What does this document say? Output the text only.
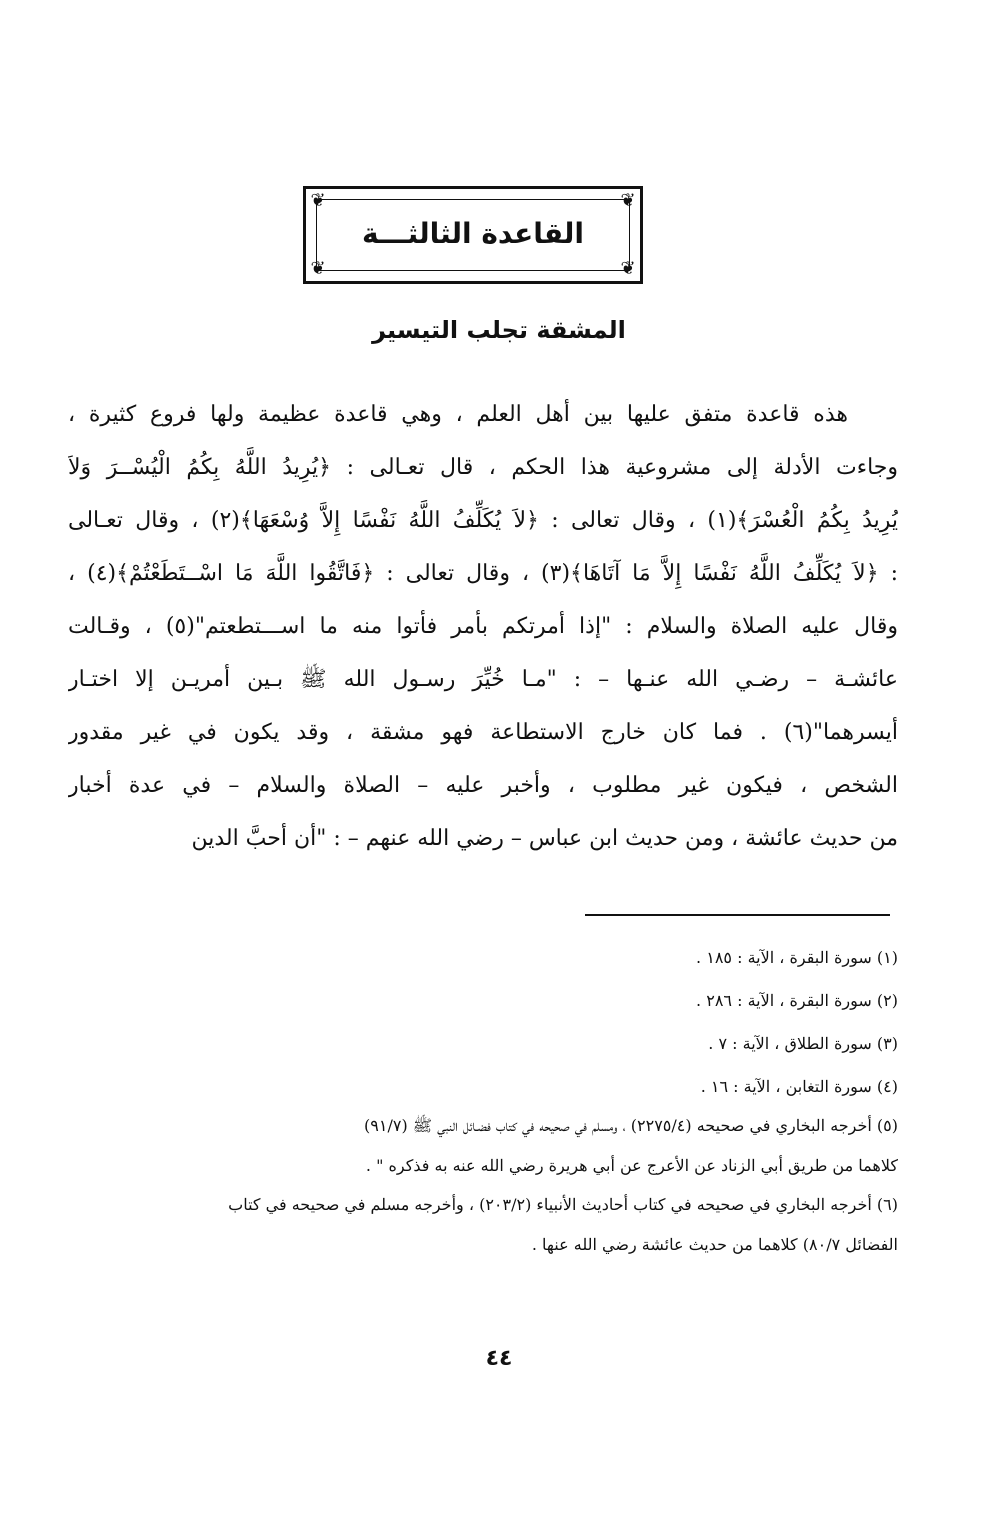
❦	❦
❦	❦
القاعدة الثالثـــة
المشقة تجلب التيسير
هذه قاعدة متفق عليها بين أهل العلم ، وهي قاعدة عظيمة ولها فروع كثيرة ،
وجاءت الأدلة إلى مشروعية هذا الحكم ، قال تعـالى : ﴿يُرِيدُ اللَّهُ بِكُمُ الْيُسْــرَ وَلاَ
يُرِيدُ بِكُمُ الْعُسْرَ﴾(١) ، وقال تعالى : ﴿لاَ يُكَلِّفُ اللَّهُ نَفْسًا إِلاَّ وُسْعَهَا﴾(٢) ، وقال تعـالى
: ﴿لاَ يُكَلِّفُ اللَّهُ نَفْسًا إِلاَّ مَا آتَاهَا﴾(٣) ، وقال تعالى : ﴿فَاتَّقُوا اللَّهَ مَا اسْــتَطَعْتُمْ﴾(٤) ،
وقال عليه الصلاة والسلام : "إذا أمرتكم بأمر فأتوا منه ما اســـتطعتم"(٥) ، وقـالت
عائشـة – رضـي الله عنـها – : "مـا خُيِّرَ رسـول الله ﷺ بـين أمريـن إلا اختـار
أيسرهما"(٦) . فما كان خارج الاستطاعة فهو مشقة ، وقد يكون في غير مقدور
الشخص ، فيكون غير مطلوب ، وأخبر عليه – الصلاة والسلام – في عدة أخبار
من حديث عائشة ، ومن حديث ابن عباس – رضي الله عنهم – : "أن أحبَّ الدين
(١) سورة البقرة ، الآية : ١٨٥ .
(٢) سورة البقرة ، الآية : ٢٨٦ .
(٣) سورة الطلاق ، الآية : ٧ .
(٤) سورة التغابن ، الآية : ١٦ .
(٥) أخرجه البخاري في صحيحه (٢٢٧٥/٤) ، ومسلم في صحيحه في كتاب فضـائل النبي ﷺ (٩١/٧)
كلاهما من طريق أبي الزناد عن الأعرج عن أبي هريرة رضي الله عنه به فذكره " .
(٦) أخرجه البخاري في صحيحه في كتاب أحاديث الأنبياء (٢٠٣/٢) ، وأخرجه مسلم في صحيحه في كتاب
الفضائل ٨٠/٧) كلاهما من حديث عائشة رضي الله عنها .
٤٤
